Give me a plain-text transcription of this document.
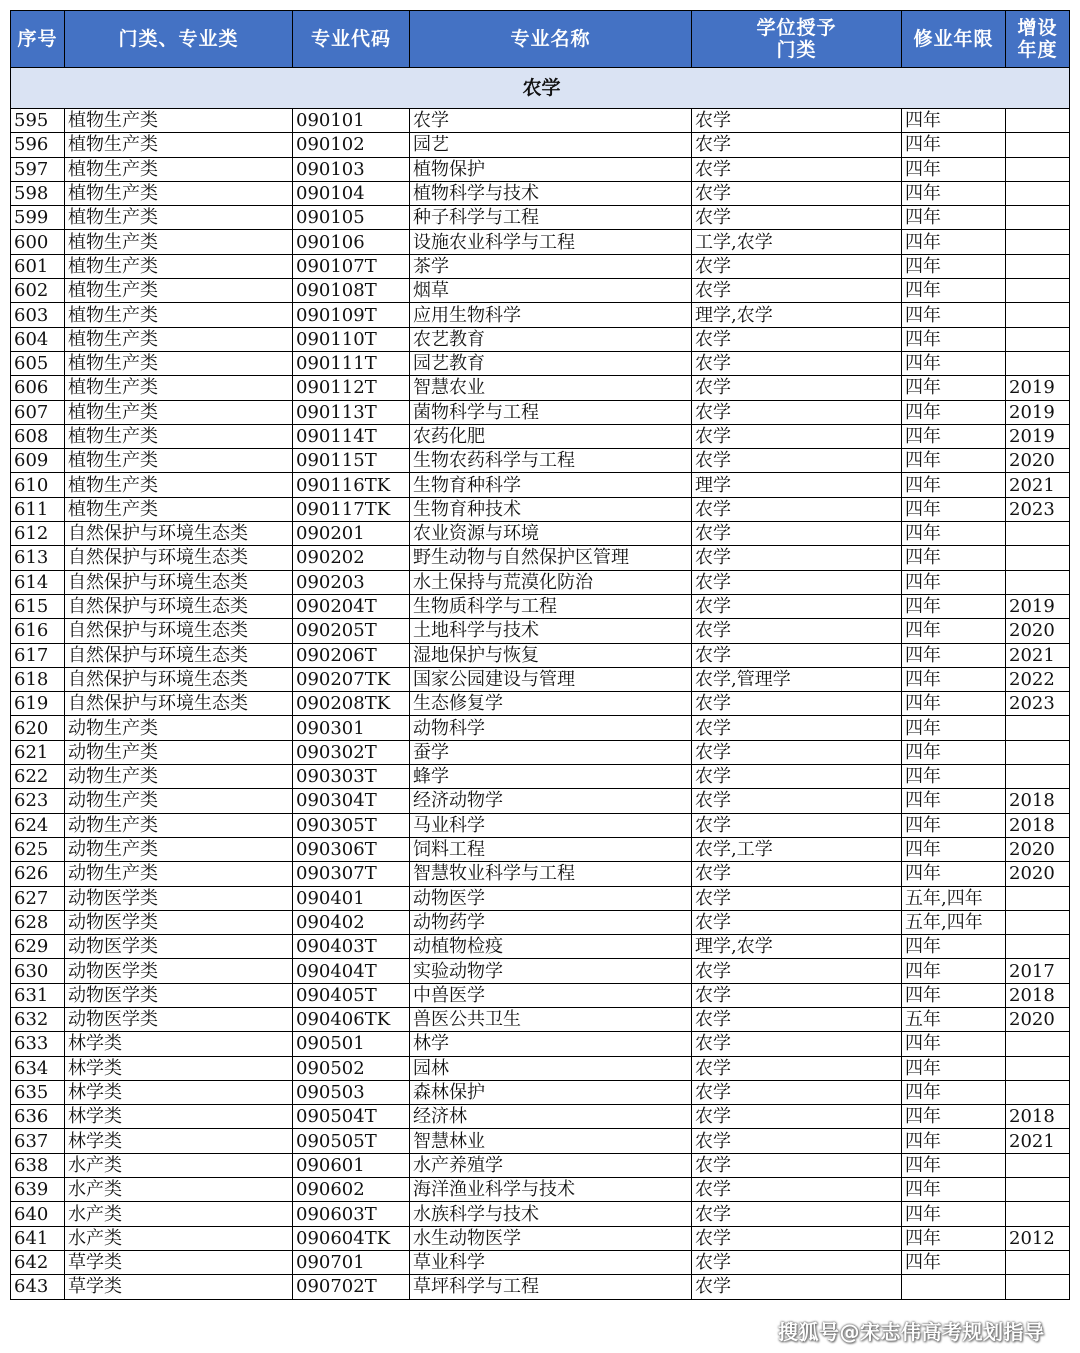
序号	门类、专业类	专业代码	专业名称	学位授予门类	修业年限	增设年度

农学						
595	植物生产类	090101	农学	农学	四年	
596	植物生产类	090102	园艺	农学	四年	
597	植物生产类	090103	植物保护	农学	四年	
598	植物生产类	090104	植物科学与技术	农学	四年	
599	植物生产类	090105	种子科学与工程	农学	四年	
600	植物生产类	090106	设施农业科学与工程	工学,农学	四年	
601	植物生产类	090107T	茶学	农学	四年	
602	植物生产类	090108T	烟草	农学	四年	
603	植物生产类	090109T	应用生物科学	理学,农学	四年	
604	植物生产类	090110T	农艺教育	农学	四年	
605	植物生产类	090111T	园艺教育	农学	四年	
606	植物生产类	090112T	智慧农业	农学	四年	2019
607	植物生产类	090113T	菌物科学与工程	农学	四年	2019
608	植物生产类	090114T	农药化肥	农学	四年	2019
609	植物生产类	090115T	生物农药科学与工程	农学	四年	2020
610	植物生产类	090116TK	生物育种科学	理学	四年	2021
611	植物生产类	090117TK	生物育种技术	农学	四年	2023
612	自然保护与环境生态类	090201	农业资源与环境	农学	四年	
613	自然保护与环境生态类	090202	野生动物与自然保护区管理	农学	四年	
614	自然保护与环境生态类	090203	水土保持与荒漠化防治	农学	四年	
615	自然保护与环境生态类	090204T	生物质科学与工程	农学	四年	2019
616	自然保护与环境生态类	090205T	土地科学与技术	农学	四年	2020
617	自然保护与环境生态类	090206T	湿地保护与恢复	农学	四年	2021
618	自然保护与环境生态类	090207TK	国家公园建设与管理	农学,管理学	四年	2022
619	自然保护与环境生态类	090208TK	生态修复学	农学	四年	2023
620	动物生产类	090301	动物科学	农学	四年	
621	动物生产类	090302T	蚕学	农学	四年	
622	动物生产类	090303T	蜂学	农学	四年	
623	动物生产类	090304T	经济动物学	农学	四年	2018
624	动物生产类	090305T	马业科学	农学	四年	2018
625	动物生产类	090306T	饲料工程	农学,工学	四年	2020
626	动物生产类	090307T	智慧牧业科学与工程	农学	四年	2020
627	动物医学类	090401	动物医学	农学	五年,四年	
628	动物医学类	090402	动物药学	农学	五年,四年	
629	动物医学类	090403T	动植物检疫	理学,农学	四年	
630	动物医学类	090404T	实验动物学	农学	四年	2017
631	动物医学类	090405T	中兽医学	农学	四年	2018
632	动物医学类	090406TK	兽医公共卫生	农学	五年	2020
633	林学类	090501	林学	农学	四年	
634	林学类	090502	园林	农学	四年	
635	林学类	090503	森林保护	农学	四年	
636	林学类	090504T	经济林	农学	四年	2018
637	林学类	090505T	智慧林业	农学	四年	2021
638	水产类	090601	水产养殖学	农学	四年	
639	水产类	090602	海洋渔业科学与技术	农学	四年	
640	水产类	090603T	水族科学与技术	农学	四年	
641	水产类	090604TK	水生动物医学	农学	四年	2012
642	草学类	090701	草业科学	农学	四年	
643	草学类	090702T	草坪科学与工程	农学		
搜狐号@宋志伟高考规划指导
